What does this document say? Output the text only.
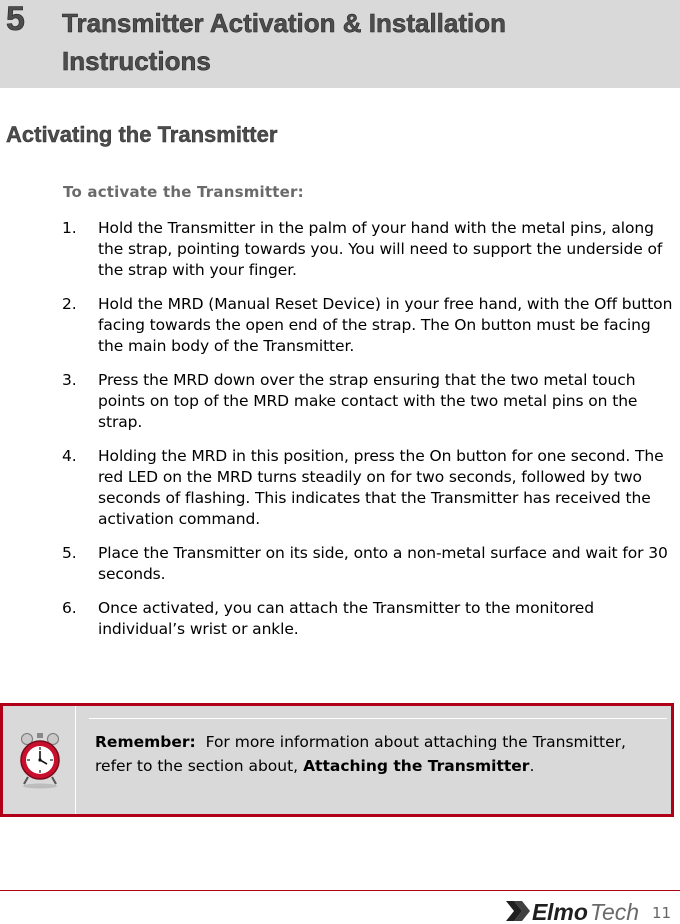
5 Transmitter Activation & Installation Instructions
Activating the Transmitter
To activate the Transmitter:
1. Hold the Transmitter in the palm of your hand with the metal pins, along the strap, pointing towards you. You will need to support the underside of the strap with your finger.
2. Hold the MRD (Manual Reset Device) in your free hand, with the Off button facing towards the open end of the strap. The On button must be facing the main body of the Transmitter.
3. Press the MRD down over the strap ensuring that the two metal touch points on top of the MRD make contact with the two metal pins on the strap.
4. Holding the MRD in this position, press the On button for one second. The red LED on the MRD turns steadily on for two seconds, followed by two seconds of flashing. This indicates that the Transmitter has received the activation command.
5. Place the Transmitter on its side, onto a non-metal surface and wait for 30 seconds.
6. Once activated, you can attach the Transmitter to the monitored individual’s wrist or ankle.
Remember: For more information about attaching the Transmitter, refer to the section about, Attaching the Transmitter.
E lmo Tech 11
